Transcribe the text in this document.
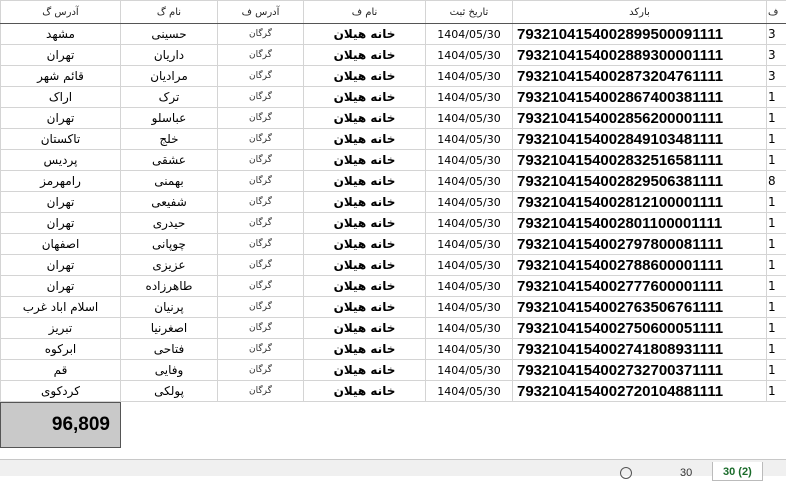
	آدرس گ	نام گ	آدرس ف	نام ف	تاریخ ثبت	بارکد	ف
	مشهد	حسینی	گرگان	خانه هیلان	1404/05/30	7932104154002899500091111	3
	تهران	داریان	گرگان	خانه هیلان	1404/05/30	7932104154002889300001111	3
	قائم شهر	مرادیان	گرگان	خانه هیلان	1404/05/30	7932104154002873204761111	3
	اراک	ترک	گرگان	خانه هیلان	1404/05/30	7932104154002867400381111	1
	تهران	عباسلو	گرگان	خانه هیلان	1404/05/30	7932104154002856200001111	1
	تاکستان	خلج	گرگان	خانه هیلان	1404/05/30	7932104154002849103481111	1
	پردیس	عشقی	گرگان	خانه هیلان	1404/05/30	7932104154002832516581111	1
	رامهرمز	بهمنی	گرگان	خانه هیلان	1404/05/30	7932104154002829506381111	8
	تهران	شفیعی	گرگان	خانه هیلان	1404/05/30	7932104154002812100001111	1
	تهران	حیدری	گرگان	خانه هیلان	1404/05/30	7932104154002801100001111	1
	اصفهان	چوپانی	گرگان	خانه هیلان	1404/05/30	7932104154002797800081111	1
	تهران	عزیزی	گرگان	خانه هیلان	1404/05/30	7932104154002788600001111	1
	تهران	طاهرزاده	گرگان	خانه هیلان	1404/05/30	7932104154002777600001111	1
	اسلام اباد غرب	پرنیان	گرگان	خانه هیلان	1404/05/30	7932104154002763506761111	1
	تبریز	اصغرنیا	گرگان	خانه هیلان	1404/05/30	7932104154002750600051111	1
	ابرکوه	فتاحی	گرگان	خانه هیلان	1404/05/30	7932104154002741808931111	1
	قم	وفایی	گرگان	خانه هیلان	1404/05/30	7932104154002732700371111	1
	کردکوی	پولکی	گرگان	خانه هیلان	1404/05/30	7932104154002720104881111	1
96,809	
30	30 (2)
